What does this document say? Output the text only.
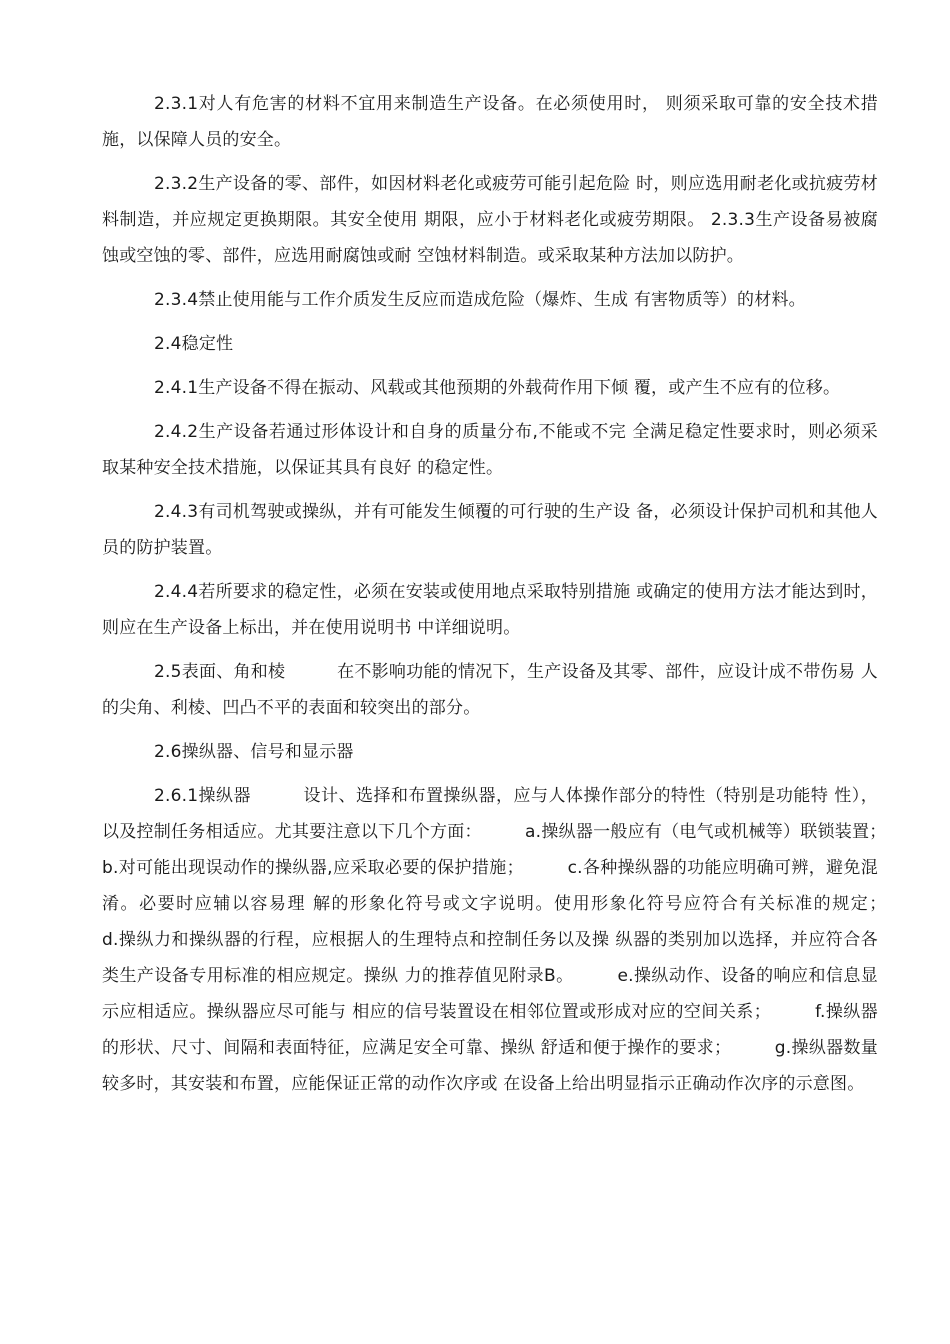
2.3.1对人有危害的材料不宜用来制造生产设备。在必须使用时， 则须采取可靠的安全技术措施，以保障人员的安全。

2.3.2生产设备的零、部件，如因材料老化或疲劳可能引起危险 时，则应选用耐老化或抗疲劳材料制造，并应规定更换期限。其安全使用 期限，应小于材料老化或疲劳期限。 2.3.3生产设备易被腐蚀或空蚀的零、部件，应选用耐腐蚀或耐 空蚀材料制造。或采取某种方法加以防护。

2.3.4禁止使用能与工作介质发生反应而造成危险（爆炸、生成 有害物质等）的材料。

2.4稳定性

2.4.1生产设备不得在振动、风载或其他预期的外载荷作用下倾 覆，或产生不应有的位移。

2.4.2生产设备若通过形体设计和自身的质量分布,不能或不完 全满足稳定性要求时，则必须采取某种安全技术措施，以保证其具有良好 的稳定性。

2.4.3有司机驾驶或操纵，并有可能发生倾覆的可行驶的生产设 备，必须设计保护司机和其他人员的防护装置。

2.4.4若所要求的稳定性，必须在安装或使用地点采取特别措施 或确定的使用方法才能达到时，则应在生产设备上标出，并在使用说明书 中详细说明。

2.5表面、角和棱　　　在不影响功能的情况下，生产设备及其零、部件，应设计成不带伤易 人的尖角、利棱、凹凸不平的表面和较突出的部分。

2.6操纵器、信号和显示器

2.6.1操纵器　　　设计、选择和布置操纵器，应与人体操作部分的特性（特别是功能特 性），以及控制任务相适应。尤其要注意以下几个方面：　　　a.操纵器一般应有（电气或机械等）联锁装置；　　　b.对可能出现误动作的操纵器,应采取必要的保护措施；　　　c.各种操纵器的功能应明确可辨，避免混淆。必要时应辅以容易理 解的形象化符号或文字说明。使用形象化符号应符合有关标准的规定；　　　d.操纵力和操纵器的行程，应根据人的生理特点和控制任务以及操 纵器的类别加以选择，并应符合各类生产设备专用标准的相应规定。操纵 力的推荐值见附录B。　　　e.操纵动作、设备的响应和信息显示应相适应。操纵器应尽可能与 相应的信号装置设在相邻位置或形成对应的空间关系；　　　f.操纵器的形状、尺寸、间隔和表面特征，应满足安全可靠、操纵 舒适和便于操作的要求；　　　g.操纵器数量较多时，其安装和布置，应能保证正常的动作次序或 在设备上给出明显指示正确动作次序的示意图。
